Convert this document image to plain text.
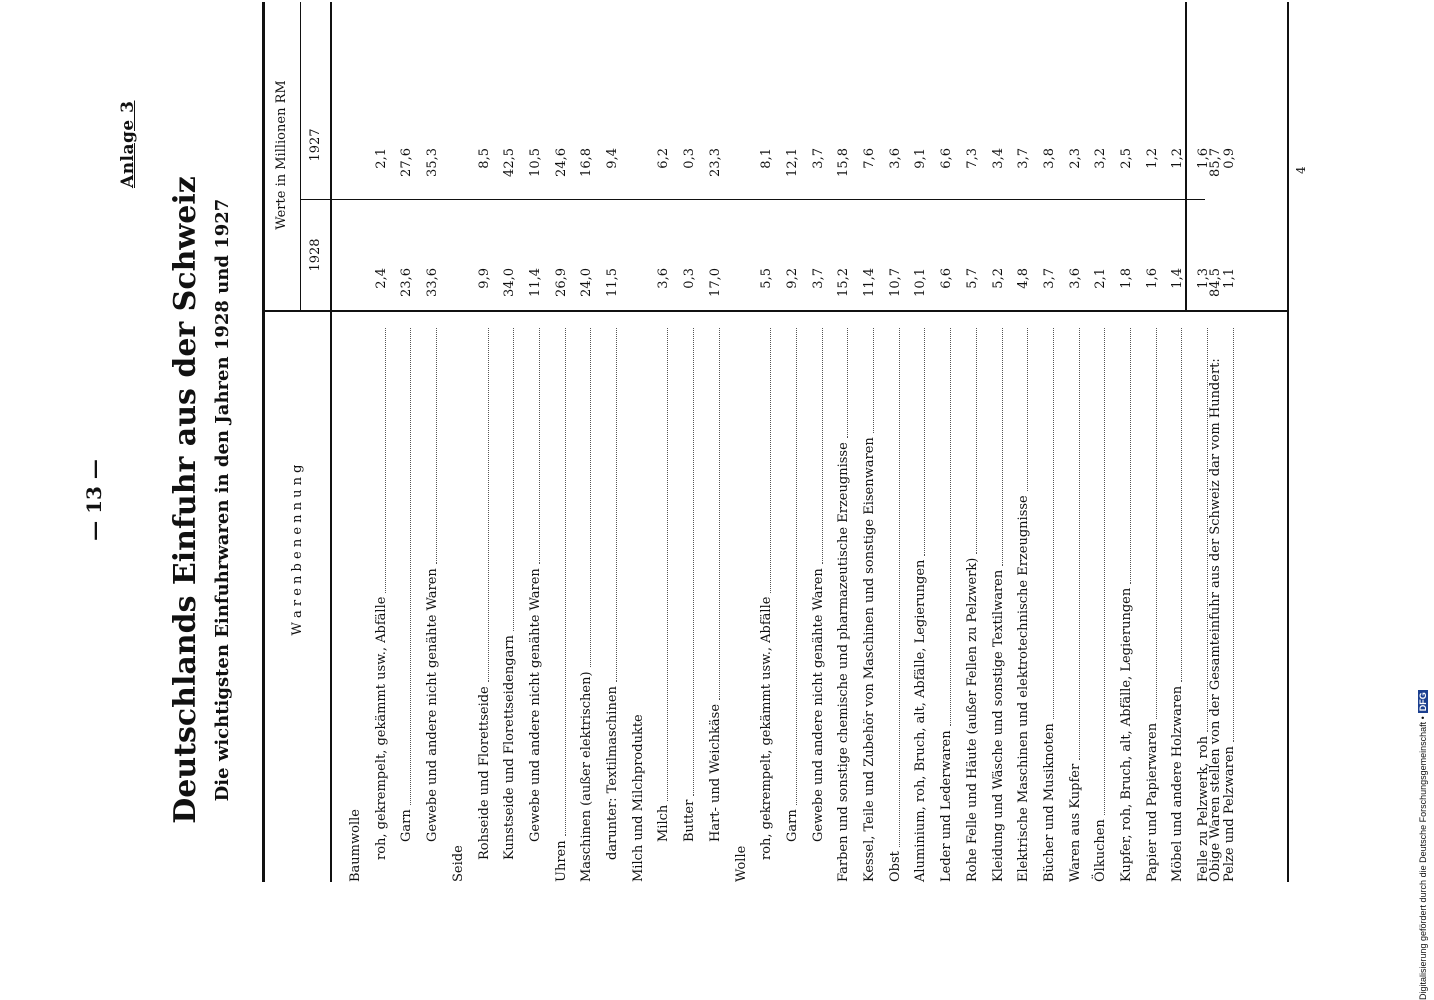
— 13 —
Anlage 3
Deutschlands Einfuhr aus der Schweiz Die wichtigsten Einfuhrwaren in den Jahren 1928 und 1927	W a r e n b e n e n n u n g
Werte in Millionen RM
1928
1927
Baumwolle roh, gekrempelt, gekämmt usw., Abfälle
2,4
2,1
Garn
23,6
27,6
Gewebe und andere nicht genähte Waren
33,6
35,3
Seide
Rohseide und Florettseide
9,9
8,5
Kunstseide und Florettseidengarn
34,0
42,5
Gewebe und andere nicht genähte Waren
11,4
10,5
Uhren
26,9
24,6
Maschinen (außer elektrischen)
24,0
16,8
darunter: Textilmaschinen
11,5
9,4
Milch und Milchprodukte Milch
3,6
6,2
Butter
0,3
0,3
Hart- und Weichkäse
17,0
23,3
Wolle
roh, gekrempelt, gekämmt usw., Abfälle
5,5
8,1
Garn
9,2
12,1
Gewebe und andere nicht genähte Waren
3,7
3,7
Farben und sonstige chemische und pharmazeutische Erzeugnisse
15,2
15,8
Kessel, Teile und Zubehör von Maschinen und sonstige Eisenwaren
11,4
7,6
Obst
10,7
3,6
Aluminium, roh, Bruch, alt, Abfälle, Legierungen
10,1
9,1
Leder und Lederwaren
6,6
6,6
Rohe Felle und Häute (außer Fellen zu Pelzwerk)
5,7
7,3
Kleidung und Wäsche und sonstige Textilwaren
5,2
3,4
Elektrische Maschinen und elektrotechnische Erzeugnisse
4,8
3,7
Bücher und Musiknoten
3,7
3,8
Waren aus Kupfer
3,6
2,3
Ölkuchen
2,1
3,2
Kupfer, roh, Bruch, alt, Abfälle, Legierungen
1,8
2,5
Papier und Papierwaren
1,6
1,2
Möbel und andere Holzwaren
1,4
1,2
Felle zu Pelzwerk, roh
1,3
1,6
Pelze und Pelzwaren
1,1
0,9
Obige Waren stellen von der Gesamteinfuhr aus der Schweiz dar vom Hundert:
84,5
85,7	4
Digitalisierung gefördert durch die Deutsche Forschungsgemeinschaft •DFG
